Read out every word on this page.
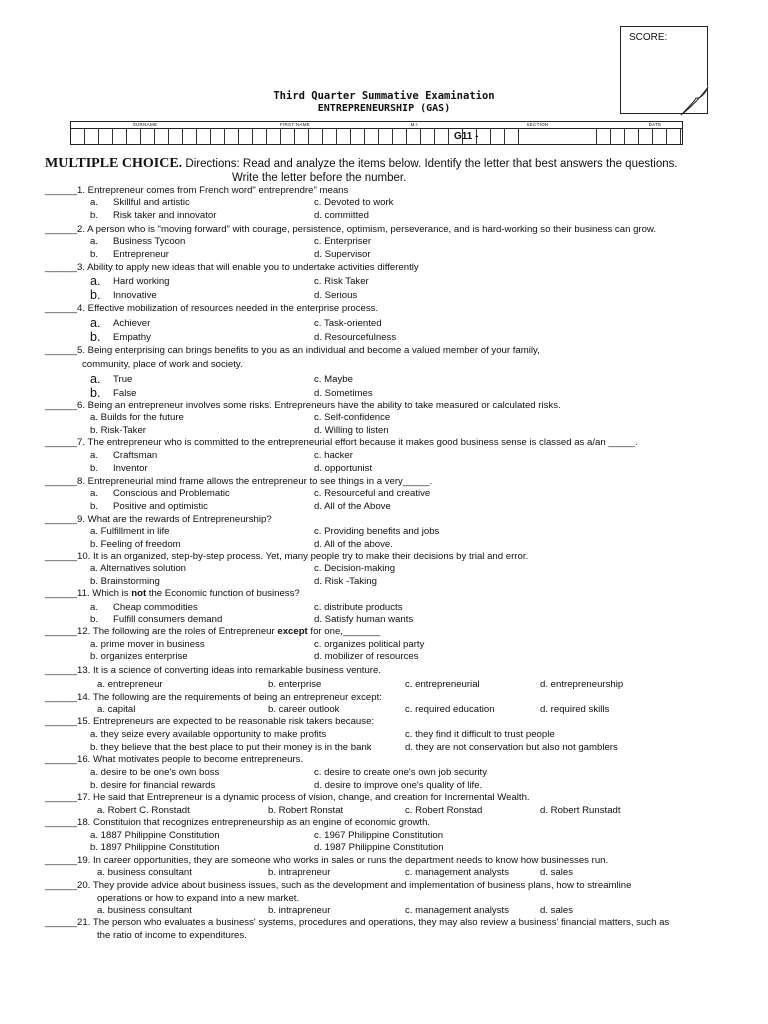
SCORE:
Third Quarter Summative Examination
ENTREPRENEURSHIP (GAS)
SURNAME	FIRST NAME	M.I.	SECTION	DATE
G11 -
MULTIPLE CHOICE. Directions: Read and analyze the items below. Identify the letter that best answers the questions.
Write the letter before the number.
______1. Entrepreneur comes from French word" entreprendre" means
a. Skillful and artistic	c. Devoted to work
b. Risk taker and innovator	d. committed
______2. A person who is "moving forward" with courage, persistence, optimism, perseverance, and is hard-working so their business can grow.
a. Business Tycoon	c. Enterpriser
b. Entrepreneur	d. Supervisor
______3. Ability to apply new ideas that will enable you to undertake activities differently
a. Hard working	c. Risk Taker
b. Innovative	d. Serious
______4. Effective mobilization of resources needed in the enterprise process.
a. Achiever	c. Task-oriented
b. Empathy	d. Resourcefulness
______5. Being enterprising can brings benefits to you as an individual and become a valued member of your family,
community, place of work and society.
a. True	c. Maybe
b. False	d. Sometimes
______6. Being an entrepreneur involves some risks. Entrepreneurs have the ability to take measured or calculated risks.
a. Builds for the future	c. Self-confidence
b. Risk-Taker	d. Willing to listen
______7. The entrepreneur who is committed to the entrepreneurial effort because it makes good business sense is classed as a/an _____.
a. Craftsman	c. hacker
b. Inventor	d. opportunist
______8. Entrepreneurial mind frame allows the entrepreneur to see things in a very_____.
a. Conscious and Problematic	c. Resourceful and creative
b. Positive and optimistic	d. All of the Above
______9. What are the rewards of Entrepreneurship?
a. Fulfillment in life	c. Providing benefits and jobs
b. Feeling of freedom	d. All of the above.
______10. It is an organized, step-by-step process. Yet, many people try to make their decisions by trial and error.
a. Alternatives solution	c. Decision-making
b. Brainstorming	d. Risk -Taking
______11. Which is not the Economic function of business?
a. Cheap commodities	c. distribute products
b. Fulfill consumers demand	d. Satisfy human wants
______12. The following are the roles of Entrepreneur except for one,_______
a. prime mover in business	c. organizes political party
b. organizes enterprise	d. mobilizer of resources
______13. It is a science of converting ideas into remarkable business venture.
a. entrepreneur	b. enterprise	c. entrepreneurial	d. entrepreneurship
______14. The following are the requirements of being an entrepreneur except:
a. capital	b. career outlook	c. required education	d. required skills
______15. Entrepreneurs are expected to be reasonable risk takers because:
a. they seize every available opportunity to make profits	c. they find it difficult to trust people
b. they believe that the best place to put their money is in the bank	d. they are not conservation but also not gamblers
______16. What motivates people to become entrepreneurs.
a. desire to be one's own boss	c. desire to create one's own job security
b. desire for financial rewards	d. desire to improve one's quality of life.
______17. He said that Entrepreneur is a dynamic process of vision, change, and creation for Incremental Wealth.
a. Robert C. Ronstadt	b. Robert Ronstat	c. Robert Ronstad	d. Robert Runstadt
______18. Constituion that recognizes entrepreneurship as an engine of economic growth.
a. 1887 Philippine Constitution	c. 1967 Philippine Constitution
b. 1897 Philippine Constitution	d. 1987 Philippine Constitution
______19. In career opportunities, they are someone who works in sales or runs the department needs to know how businesses run.
a. business consultant	b. intrapreneur	c. management analysts	d. sales
______20. They provide advice about business issues, such as the development and implementation of business plans, how to streamline
operations or how to expand into a new market.
a. business consultant	b. intrapreneur	c. management analysts	d. sales
______21. The person who evaluates a business' systems, procedures and operations, they may also review a business' financial matters, such as
the ratio of income to expenditures.
